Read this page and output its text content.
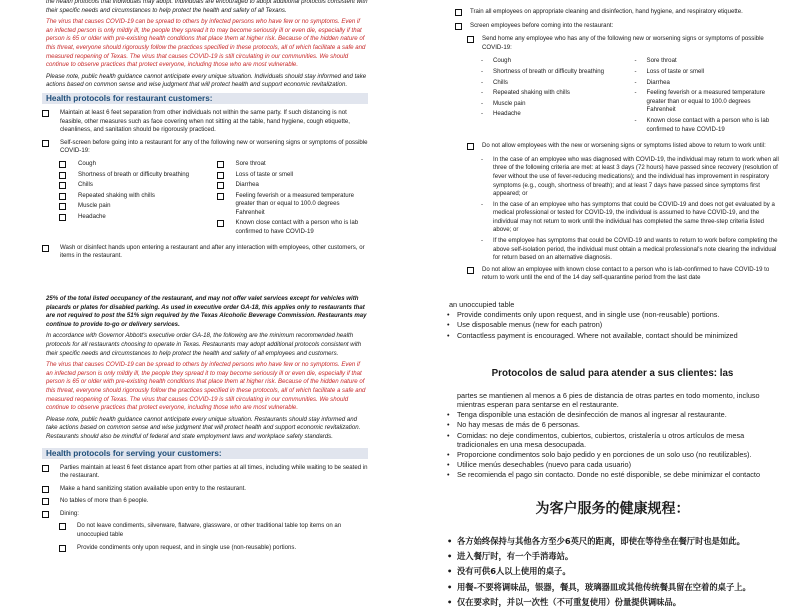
the health protocols that individuals may adopt. Individuals are encouraged to adopt additional protocols consistent with their specific needs and circumstances to help protect the health and safety of all Texans.

The virus that causes COVID-19 can be spread to others by infected persons who have few or no symptoms. Even if an infected person is only mildly ill, the people they spread it to may become seriously ill or even die, especially if that person is 65 or older with pre-existing health conditions that place them at higher risk. Because of the hidden nature of this threat, everyone should rigorously follow the practices specified in these protocols, all of which facilitate a safe and measured reopening of Texas. The virus that causes COVID-19 is still circulating in our communities. We should continue to observe practices that protect everyone, including those who are most vulnerable.

Please note, public health guidance cannot anticipate every unique situation. Individuals should stay informed and take actions based on common sense and wise judgment that will protect health and support economic revitalization.

Health protocols for restaurant customers:
Maintain at least 6 feet separation from other individuals not within the same party. If such distancing is not feasible, other measures such as face covering when not sitting at the table, hand hygiene, cough etiquette, cleanliness, and sanitation should be rigorously practiced.
Self-screen before going into a restaurant for any of the following new or worsening signs or symptoms of possible COVID-19:
Cough
Shortness of breath or difficulty breathing
Chills
Repeated shaking with chills
Muscle pain
Headache
Sore throat
Loss of taste or smell
Diarrhea
Feeling feverish or a measured temperature greater than or equal to 100.0 degrees Fahrenheit
Known close contact with a person who is lab confirmed to have COVID-19
Wash or disinfect hands upon entering a restaurant and after any interaction with employees, other customers, or items in the restaurant.

25% of the total listed occupancy of the restaurant, and may not offer valet services except for vehicles with placards or plates for disabled parking. As used in executive order GA-18, this applies only to restaurants that are not required to post the 51% sign required by the Texas Alcoholic Beverage Commission. Restaurants may continue to provide to-go or delivery services.

In accordance with Governor Abbott's executive order GA-18, the following are the minimum recommended health protocols for all restaurants choosing to operate in Texas. Restaurants may adopt additional protocols consistent with their specific needs and circumstances to help protect the health and safety of all employees and customers.

The virus that causes COVID-19 can be spread to others by infected persons who have few or no symptoms. Even if an infected person is only mildly ill, the people they spread it to may become seriously ill or even die, especially if that person is 65 or older with pre-existing health conditions that place them at higher risk. Because of the hidden nature of this threat, everyone should rigorously follow the practices specified in these protocols, all of which facilitate a safe and measured reopening of Texas. The virus that causes COVID-19 is still circulating in our communities. We should continue to observe practices that protect everyone, including those who are most vulnerable.

Please note, public health guidance cannot anticipate every unique situation. Restaurants should stay informed and take actions based on common sense and wise judgment that will protect health and support economic revitalization. Restaurants should also be mindful of federal and state employment laws and workplace safety standards.

Health protocols for serving your customers:
Parties maintain at least 6 feet distance apart from other parties at all times, including while waiting to be seated in the restaurant.
Make a hand sanitizing station available upon entry to the restaurant.
No tables of more than 6 people.
Dining:
Do not leave condiments, silverware, flatware, glassware, or other traditional table top items on an unoccupied table
Provide condiments only upon request, and in single use (non-reusable) portions.
Train all employees on appropriate cleaning and disinfection, hand hygiene, and respiratory etiquette.
Screen employees before coming into the restaurant:
Send home any employee who has any of the following new or worsening signs or symptoms of possible COVID-19:
-	Cough
-	Shortness of breath or difficulty breathing
-	Chills
-	Repeated shaking with chills
-	Muscle pain
-	Headache
-	Sore throat
-	Loss of taste or smell
-	Diarrhea
-	Feeling feverish or a measured temperature greater than or equal to 100.0 degrees Fahrenheit
-	Known close contact with a person who is lab confirmed to have COVID-19
Do not allow employees with the new or worsening signs or symptoms listed above to return to work until:
-	In the case of an employee who was diagnosed with COVID-19, the individual may return to work when all three of the following criteria are met: at least 3 days (72 hours) have passed since recovery (resolution of fever without the use of fever-reducing medications); and the individual has improvement in respiratory symptoms (e.g., cough, shortness of breath); and at least 7 days have passed since symptoms first appeared; or
-	In the case of an employee who has symptoms that could be COVID-19 and does not get evaluated by a medical professional or tested for COVID-19, the individual is assumed to have COVID-19, and the individual may not return to work until the individual has completed the same three-step criteria listed above; or
-	If the employee has symptoms that could be COVID-19 and wants to return to work before completing the above self-isolation period, the individual must obtain a medical professional's note clearing the individual for return based on an alternative diagnosis.
Do not allow an employee with known close contact to a person who is lab-confirmed to have COVID-19 to return to work until the end of the 14 day self-quarantine period from the last date
an unoccupied table
•	Provide condiments only upon request, and in single use (non-reusable) portions.
•	Use disposable menus (new for each patron)
•	Contactless payment is encouraged. Where not available, contact should be minimized
Protocolos de salud para atender a sus clientes: las
partes se mantienen al menos a 6 pies de distancia de otras partes en todo momento, incluso mientras esperan para sentarse en el restaurante.
•	Tenga disponible una estación de desinfección de manos al ingresar al restaurante.
•	No hay mesas de más de 6 personas.
•	Comidas: no deje condimentos, cubiertos, cubiertos, cristalería u otros artículos de mesa tradicionales en una mesa desocupada.
•	Proporcione condimentos solo bajo pedido y en porciones de un solo uso (no reutilizables).
•	Utilice menús desechables (nuevo para cada usuario)
•	Se recomienda el pago sin contacto. Donde no esté disponible, se debe minimizar el contacto
为客户服务的健康规程：
• 各方始终保持与其他各方至少6英尺的距离，即使在等待坐在餐厅时也是如此。
• 进入餐厅时，有一个手消毒站。
• 没有可供6人以上使用的桌子。
• 用餐-不要将调味品，银器，餐具，玻璃器皿或其他传统餐具留在空着的桌子上。
• 仅在要求时，并以一次性（不可重复使用）份量提供调味品。
